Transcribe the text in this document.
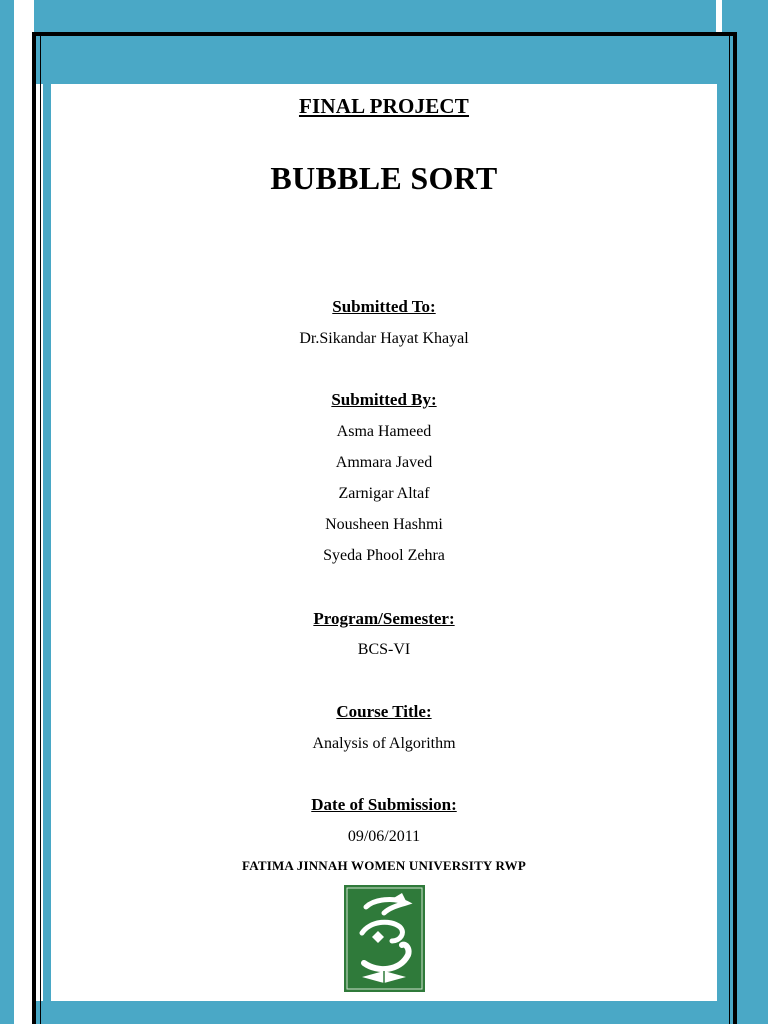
FINAL PROJECT
BUBBLE SORT
Submitted To:
Dr.Sikandar Hayat Khayal
Submitted By:
Asma Hameed
Ammara Javed
Zarnigar Altaf
Nousheen Hashmi
Syeda Phool Zehra
Program/Semester:
BCS-VI
Course Title:
Analysis of Algorithm
Date of Submission:
09/06/2011
FATIMA JINNAH WOMEN UNIVERSITY RWP
